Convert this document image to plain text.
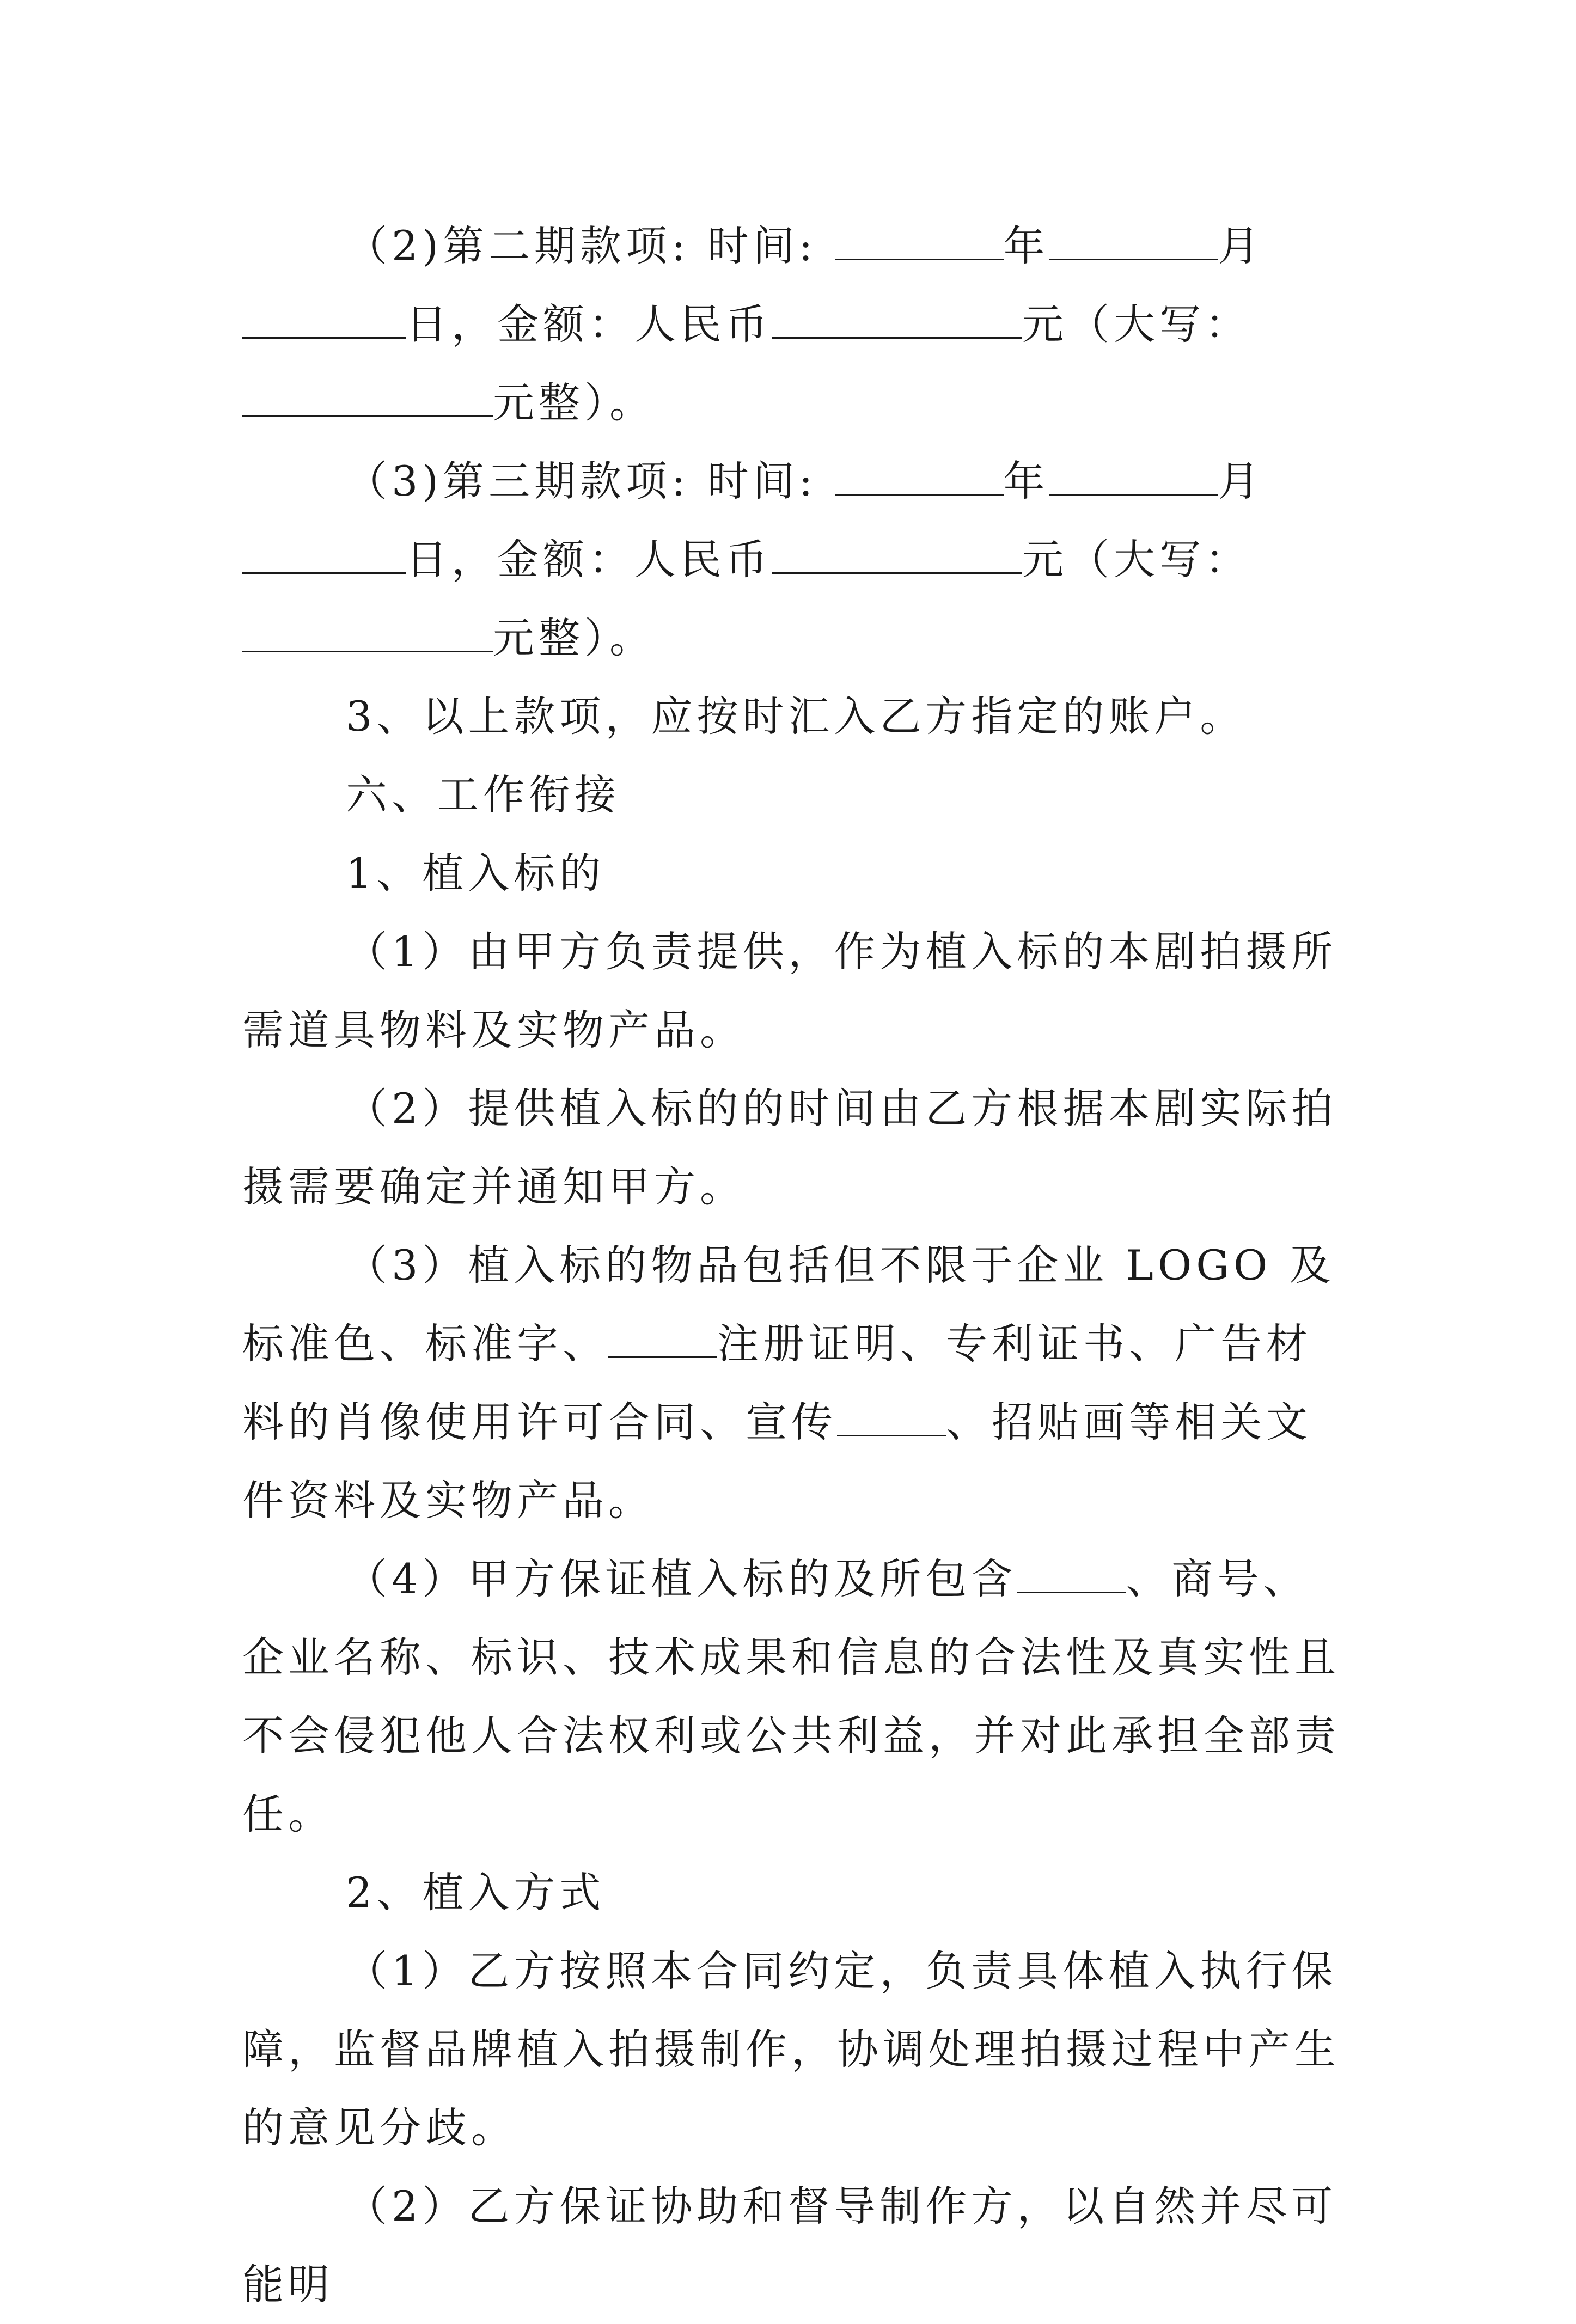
（2)第二期款项: 时间:	年	月日，金额：人民币	元（大写：元整）。

（3)第三期款项: 时间:	年	月日，金额：人民币	元（大写：元整）。

3、以上款项，应按时汇入乙方指定的账户。

六、工作衔接

1、植入标的

（1）由甲方负责提供，作为植入标的本剧拍摄所需道具物料及实物产品。

（2）提供植入标的的时间由乙方根据本剧实际拍摄需要确定并通知甲方。

（3）植入标的物品包括但不限于企业 LOGO 及标准色、标准字、	注册证明、专利证书、广告材料的肖像使用许可合同、宣传	、招贴画等相关文件资料及实物产品。

（4）甲方保证植入标的及所包含	、商号、企业名称、标识、技术成果和信息的合法性及真实性且不会侵犯他人合法权利或公共利益，并对此承担全部责任。

2、植入方式

（1）乙方按照本合同约定，负责具体植入执行保障，监督品牌植入拍摄制作，协调处理拍摄过程中产生的意见分歧。

（2）乙方保证协助和督导制作方，以自然并尽可能明
